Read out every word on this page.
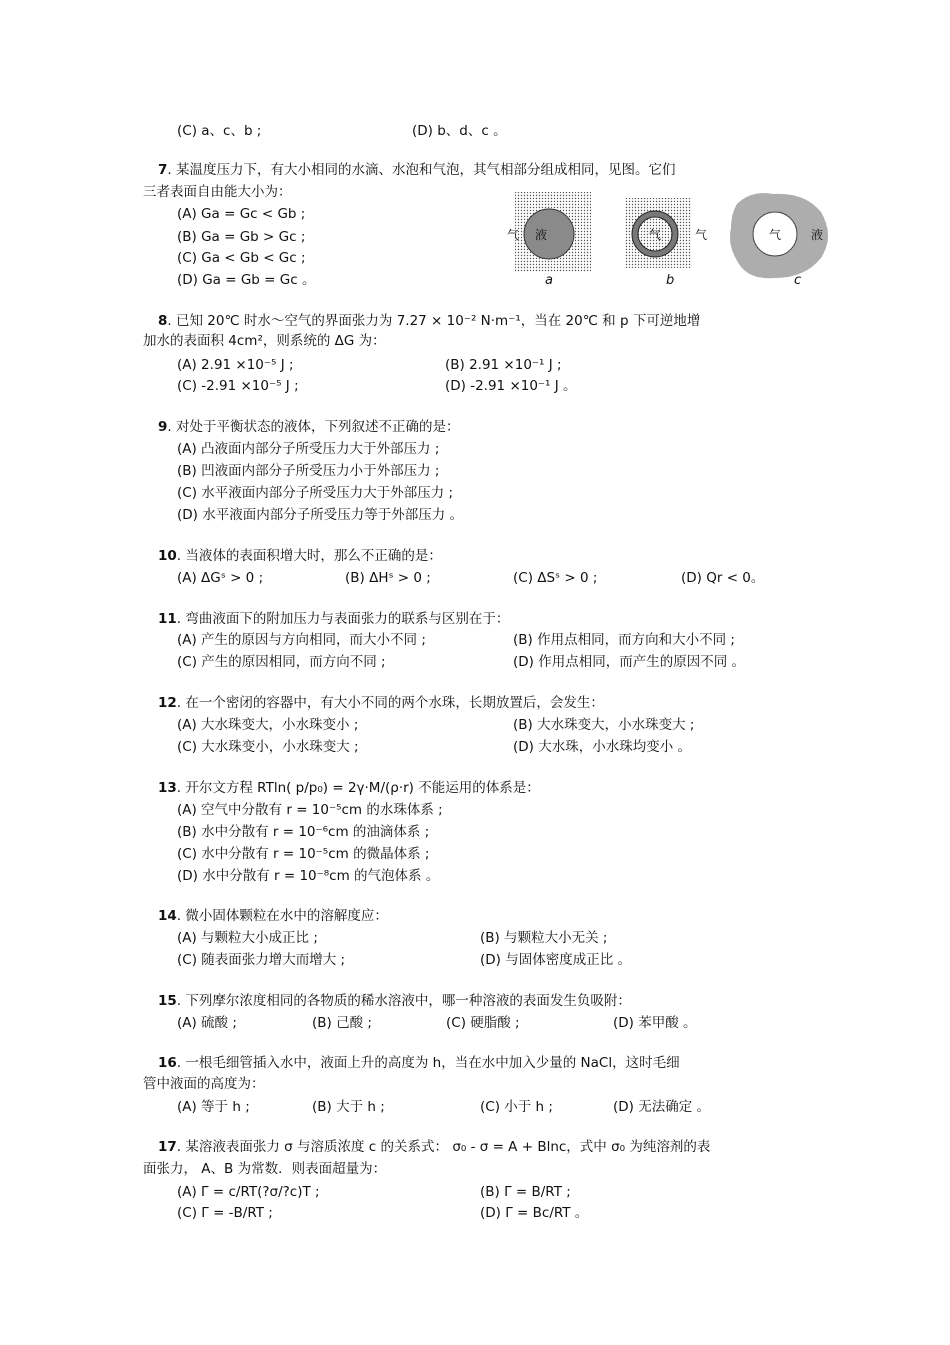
(C) a、c、b ;	(D) b、d、c 。
7. 某温度压力下，有大小相同的水滴、水泡和气泡，其气相部分组成相同，见图。它们
三者表面自由能大小为：
(A) Ga = Gc < Gb ;
(B) Ga = Gb > Gc ;
(C) Ga < Gb < Gc ;
(D) Ga = Gb = Gc 。
液
气
a
气	气
b
气 液
c
8. 已知 20℃ 时水～空气的界面张力为 7.27 × 10⁻² N·m⁻¹，当在 20℃ 和 p 下可逆地增
加水的表面积 4cm²，则系统的 ΔG 为：
(A) 2.91 ×10⁻⁵ J ;	(B) 2.91 ×10⁻¹ J ;
(C) -2.91 ×10⁻⁵ J ;	(D) -2.91 ×10⁻¹ J 。
9. 对处于平衡状态的液体，下列叙述不正确的是：
(A) 凸液面内部分子所受压力大于外部压力 ;
(B) 凹液面内部分子所受压力小于外部压力 ;
(C) 水平液面内部分子所受压力大于外部压力 ;
(D) 水平液面内部分子所受压力等于外部压力 。
10. 当液体的表面积增大时，那么不正确的是：
(A) ΔGˢ > 0 ;	(B) ΔHˢ > 0 ;	(C) ΔSˢ > 0 ;	(D) Qr < 0。
11. 弯曲液面下的附加压力与表面张力的联系与区别在于：
(A) 产生的原因与方向相同，而大小不同 ;	(B) 作用点相同，而方向和大小不同 ;
(C) 产生的原因相同，而方向不同 ;	(D) 作用点相同，而产生的原因不同 。
12. 在一个密闭的容器中，有大小不同的两个水珠，长期放置后，会发生：
(A) 大水珠变大，小水珠变小 ;	(B) 大水珠变大，小水珠变大 ;
(C) 大水珠变小，小水珠变大 ;	(D) 大水珠，小水珠均变小 。
13. 开尔文方程 RTln( p/p₀) = 2γ·M/(ρ·r) 不能运用的体系是：
(A) 空气中分散有 r = 10⁻⁵cm 的水珠体系 ;
(B) 水中分散有 r = 10⁻⁶cm 的油滴体系 ;
(C) 水中分散有 r = 10⁻⁵cm 的微晶体系 ;
(D) 水中分散有 r = 10⁻⁸cm 的气泡体系 。
14. 微小固体颗粒在水中的溶解度应：
(A) 与颗粒大小成正比 ;	(B) 与颗粒大小无关 ;
(C) 随表面张力增大而增大 ;	(D) 与固体密度成正比 。
15. 下列摩尔浓度相同的各物质的稀水溶液中，哪一种溶液的表面发生负吸附：
(A) 硫酸 ;	(B) 己酸 ;	(C) 硬脂酸 ;	(D) 苯甲酸 。
16. 一根毛细管插入水中，液面上升的高度为 h，当在水中加入少量的 NaCl，这时毛细
管中液面的高度为：
(A) 等于 h ;	(B) 大于 h ;	(C) 小于 h ;	(D) 无法确定 。
17. 某溶液表面张力 σ 与溶质浓度 c 的关系式： σ₀ - σ = A + Blnc，式中 σ₀ 为纯溶剂的表
面张力， A、B 为常数．则表面超量为：
(A) Γ = c/RT(?σ/?c)T ;	(B) Γ = B/RT ;
(C) Γ = -B/RT ;	(D) Γ = Bc/RT 。
